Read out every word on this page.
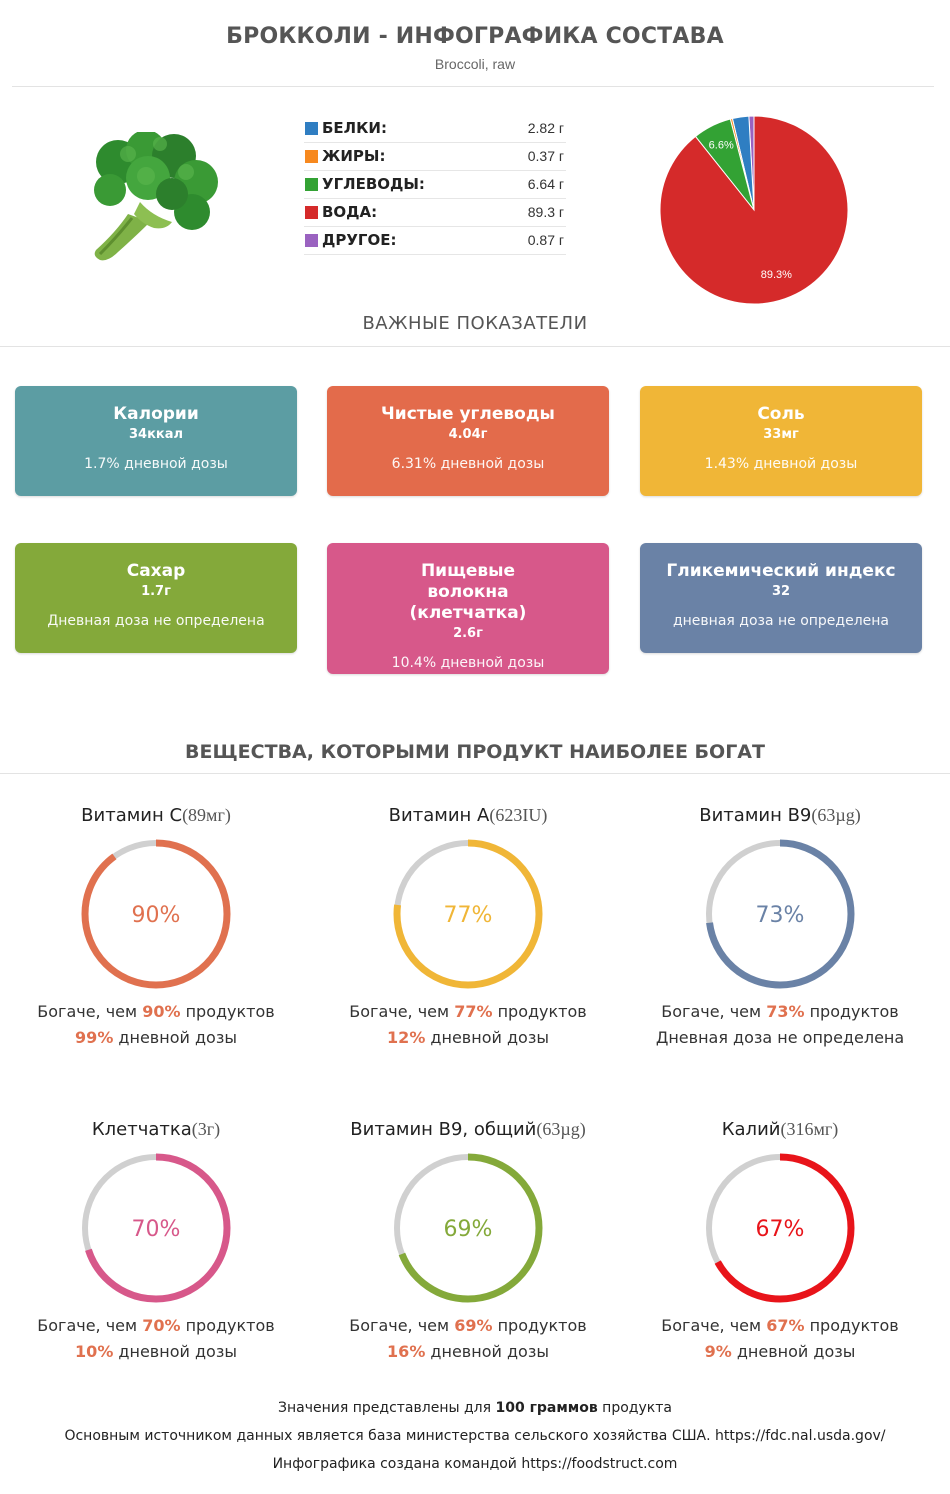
БРОККОЛИ - ИНФОГРАФИКА СОСТАВА
Broccoli, raw
БЕЛКИ:	2.82 г
ЖИРЫ:	0.37 г
УГЛЕВОДЫ:	6.64 г
ВОДА:	89.3 г
ДРУГОЕ:	0.87 г
6.6%
89.3%
ВАЖНЫЕ ПОКАЗАТЕЛИ
Калории
34ккал
1.7% дневной дозы
Чистые углеводы
4.04г
6.31% дневной дозы
Соль
33мг
1.43% дневной дозы
Сахар
1.7г
Дневная доза не определена
Пищевые волокна (клетчатка)
2.6г
10.4% дневной дозы
Гликемический индекс
32
дневная доза не определена
ВЕЩЕСТВА, КОТОРЫМИ ПРОДУКТ НАИБОЛЕЕ БОГАТ
Витамин C(89мг)
90%
Богаче, чем 90% продуктов
99% дневной дозы
Витамин A(623IU)
77%
Богаче, чем 77% продуктов
12% дневной дозы
Витамин B9(63µg)
73%
Богаче, чем 73% продуктов
Дневная доза не определена
Клетчатка(3г)
70%
Богаче, чем 70% продуктов
10% дневной дозы
Витамин B9, общий(63µg)
69%
Богаче, чем 69% продуктов
16% дневной дозы
Калий(316мг)
67%
Богаче, чем 67% продуктов
9% дневной дозы
Значения представлены для 100 граммов продукта
Основным источником данных является база министерства сельского хозяйства США. https://fdc.nal.usda.gov/
Инфографика создана командой https://foodstruct.com
